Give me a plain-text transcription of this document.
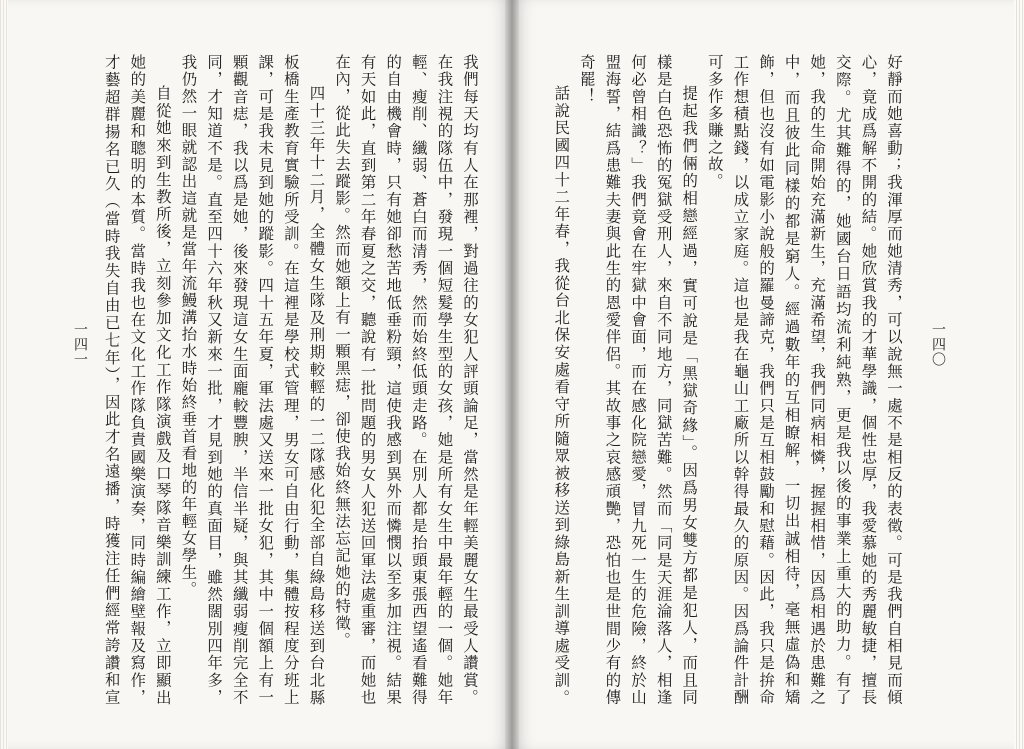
好靜而她喜動；我渾厚而她清秀，可以說無一處不是相反的表徵。可是我們自相見而傾心，竟成爲解不開的結。她欣賞我的才華學識，個性忠厚，我愛慕她的秀麗敏捷，擅長交際。尤其難得的，她國台日語均流利純熟，更是我以後的事業上重大的助力。有了她，我的生命開始充滿新生，充滿希望，我們同病相憐，握握相惜，因爲相遇於患難之中，而且彼此同樣的都是窮人。經過數年的互相瞭解，一切出誠相待，毫無虛偽和矯飾，但也沒有如電影小說般的羅曼諦克，我們只是互相鼓勵和慰藉。因此，我只是拚命工作想積點錢，以成立家庭。這也是我在龜山工廠所以幹得最久的原因。因爲論件計酬可多作多賺之故。

提起我們倆的相戀經過，實可說是「黑獄奇緣」。因爲男女雙方都是犯人，而且同樣是白色恐怖的冤獄受刑人，來自不同地方，同獄苦難。然而「同是天涯淪落人，相逢何必曾相識？」我們竟會在牢獄中會面，而在感化院戀愛，冒九死一生的危險，終於山盟海誓，結爲患難夫妻與此生的恩愛伴侶。其故事之哀感頑艷，恐怕也是世間少有的傳奇罷！

話說民國四十二年春，我從台北保安處看守所隨眾被移送到綠島新生訓導處受訓。

一四〇

我們每天均有人在那裡，對過往的女犯人評頭論足，當然是年輕美麗女生最受人讚賞。在我注視的隊伍中，發現一個短髮學生型的女孩，她是所有女生中最年輕的一個。她年輕、瘦削、纖弱、蒼白而清秀，然而始終低頭走路。在別人都是抬頭東張西望遙看難得的自由機會時，只有她卻愁苦地低垂粉頸，這使我感到異外而憐憫以至多加注視。結果有天如此，直到第二年春夏之交，聽說有一批問題的男女人犯送回軍法處重審，而她也在內，從此失去蹤影。然而她額上有一顆黑痣，卻使我始終無法忘記她的特徵。

四十三年十二月，全體女生隊及刑期較輕的一二隊感化犯全部自綠島移送到台北縣板橋生產教育實驗所受訓。在這裡是學校式管理，男女可自由行動，集體按程度分班上課，可是我未見到她的蹤影。四十五年夏，軍法處又送來一批女犯，其中一個額上有一顆觀音痣，我以爲是她，後來發現這女生面龐較豐腴，半信半疑，與其纖弱瘦削完全不同，才知道不是。直至四十六年秋又新來一批，才見到她的真面目，雖然闊別四年多，我仍然一眼就認出這就是當年流鰻溝抬水時始終垂首看地的年輕女學生。

自從她來到生教所後，立刻參加文化工作隊演戲及口琴隊音樂訓練工作，立即顯出她的美麗和聰明的本質。當時我也在文化工作隊負責國樂演奏，同時編繪壁報及寫作，才藝超群揚名已久（當時我失自由已七年），因此才名遠播，時獲注任們經常誇讚和宣

一四一
